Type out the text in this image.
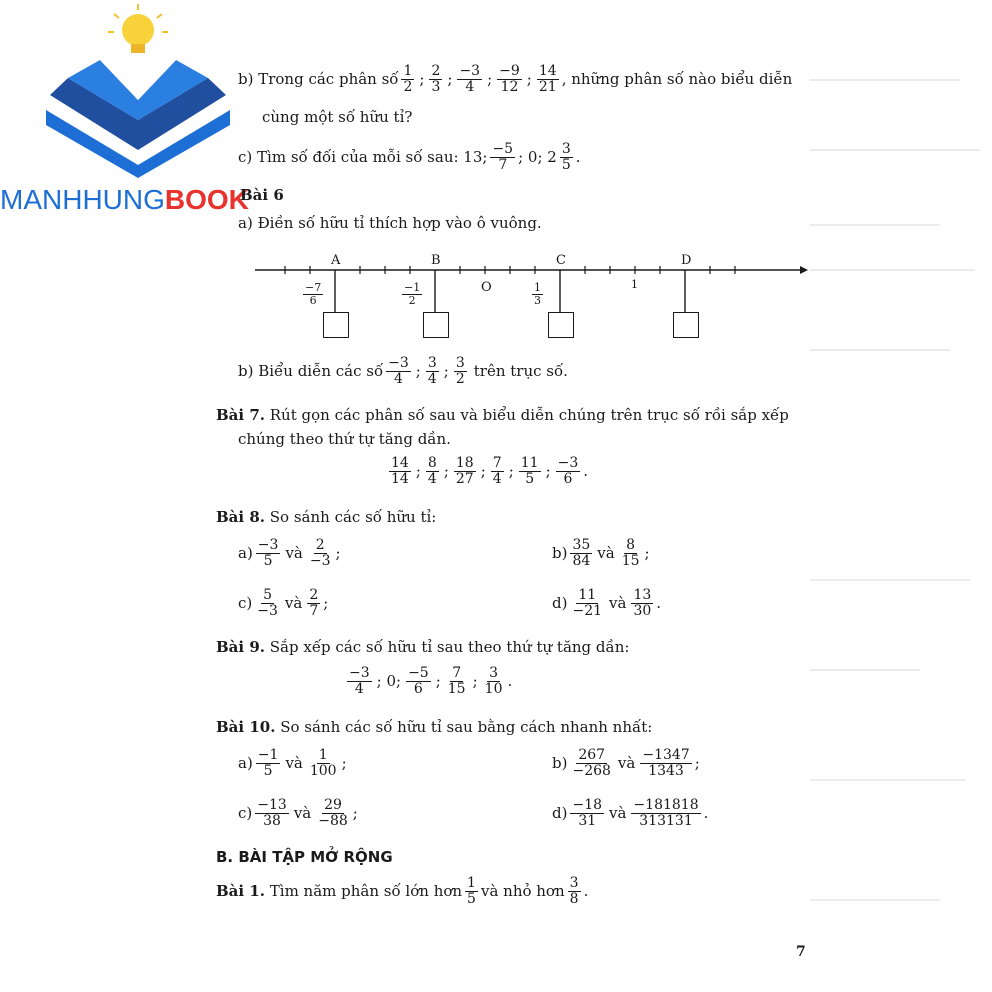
MANHHUNGBOOK
b) Trong các phân số $\frac{1}{2}$ ; $\frac{2}{3}$ ; $\frac{-3}{4}$ ; $\frac{-9}{12}$ ; $\frac{14}{21}$ , những phân số nào biểu diễn
cùng một số hữu tỉ?
c) Tìm số đối của mỗi số sau: 13; $\frac{-5}{7}$ ; 0; $2 \frac{3}{5}$ .
Bài 6
a) Điền số hữu tỉ thích hợp vào ô vuông.
A	B	C	D
$\frac{-7}{6}$	$\frac{-1}{2}$	O	$\frac{1}{3}$	1
b) Biểu diễn các số $\frac{-3}{4}$ ; $\frac{3}{4}$ ; $\frac{3}{2}$ trên trục số.
Bài 7.
Rút gọn các phân số sau và biểu diễn chúng trên trục số rồi sắp xếp
chúng theo thứ tự tăng dần.
$\frac{14}{14}$ ; $\frac{8}{4}$ ; $\frac{18}{27}$ ; $\frac{7}{4}$ ; $\frac{11}{5}$ ; $\frac{-3}{6}$ .
Bài 8.
So sánh các số hữu tỉ:
$a) \frac{-3}{5}$ và $\frac{2}{-3}$ ;	$b) \frac{35}{84}$ và $\frac{8}{15}$ ;
$c) \frac{5}{-3}$ và $\frac{2}{7}$ ;	$d) \frac{11}{-21}$ và $\frac{13}{30}$ .
Bài 9.
Sắp xếp các số hữu tỉ sau theo thứ tự tăng dần:
$\frac{-3}{4}$ ; 0; $\frac{-5}{6}$ ; $\frac{7}{15}$ ; $\frac{3}{10}$ .
Bài 10.
So sánh các số hữu tỉ sau bằng cách nhanh nhất:
$a) \frac{-1}{5}$ và $\frac{1}{100}$ ;	$b) \frac{267}{-268}$ và $\frac{-1347}{1343}$ ;
$c) \frac{-13}{38}$ và $\frac{29}{-88}$ ;	$d) \frac{-18}{31}$ và $\frac{-181818}{313131}$ .
B. BÀI TẬP MỞ RỘNG
Bài 1.
Tìm năm phân số lớn hơn $\frac{1}{5}$ và nhỏ hơn $\frac{3}{8}$ .
7
